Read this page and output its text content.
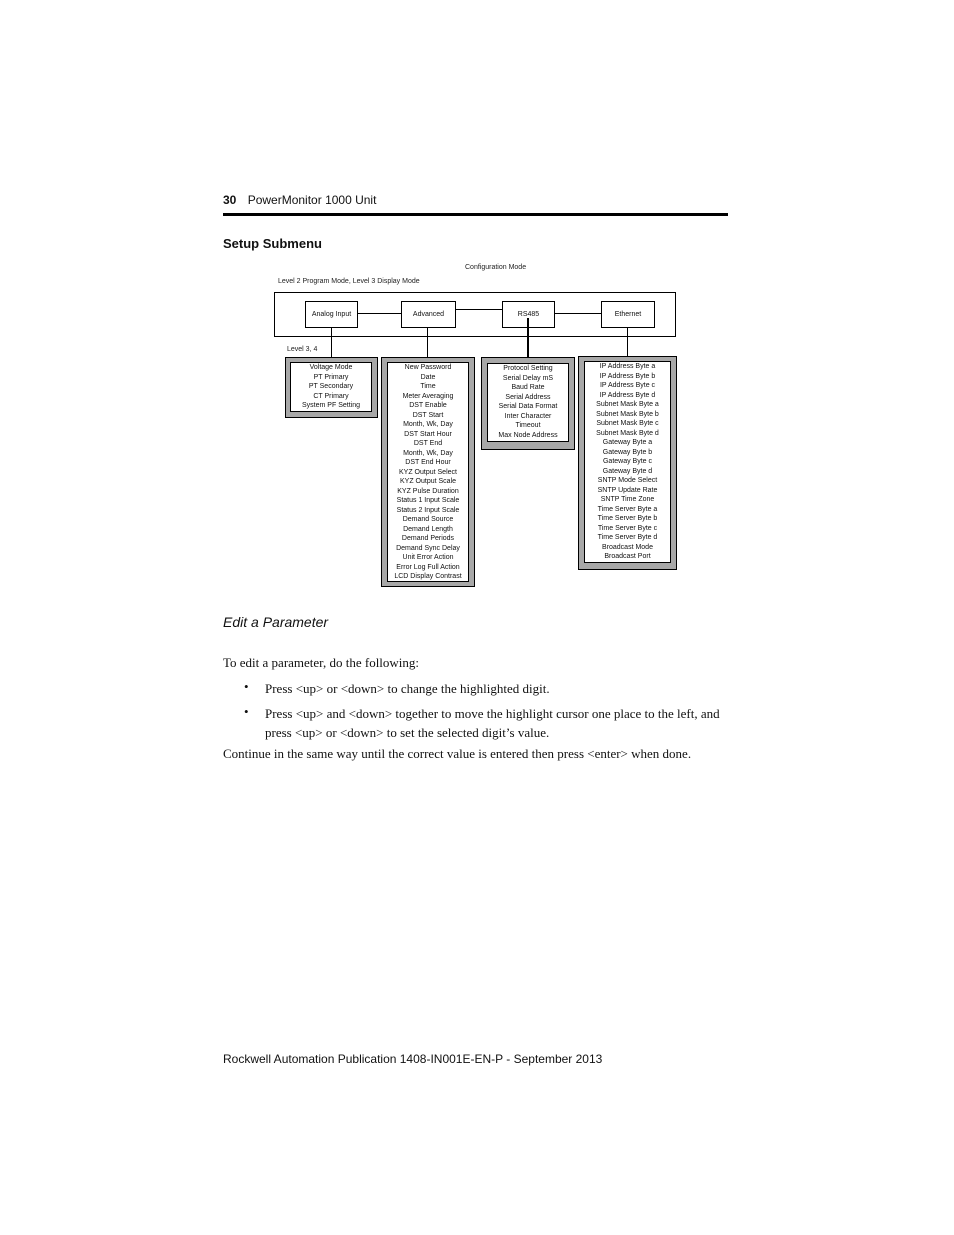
30 PowerMonitor 1000 Unit
Setup Submenu
Configuration Mode
Level 2 Program Mode, Level 3 Display Mode
Analog Input	Advanced	RS485	Ethernet
Level 3, 4
Voltage Mode
PT Primary
PT Secondary
CT Primary
System PF Setting
New Password
Date
Time
Meter Averaging
DST Enable
DST Start
Month, Wk, Day
DST Start Hour
DST End
Month, Wk, Day
DST End Hour
KYZ Output Select
KYZ Output Scale
KYZ Pulse Duration
Status 1 Input Scale
Status 2 Input Scale
Demand Source
Demand Length
Demand Periods
Demand Sync Delay
Unit Error Action
Error Log Full Action
LCD Display Contrast
Protocol Setting
Serial Delay mS
Baud Rate
Serial Address
Serial Data Format
Inter Character
Timeout
Max Node Address
IP Address Byte a
IP Address Byte b
IP Address Byte c
IP Address Byte d
Subnet Mask Byte a
Subnet Mask Byte b
Subnet Mask Byte c
Subnet Mask Byte d
Gateway Byte a
Gateway Byte b
Gateway Byte c
Gateway Byte d
SNTP Mode Select
SNTP Update Rate
SNTP Time Zone
Time Server Byte a
Time Server Byte b
Time Server Byte c
Time Server Byte d
Broadcast Mode
Broadcast Port
Edit a Parameter
To edit a parameter, do the following:
• Press <up> or <down> to change the highlighted digit.
• Press <up> and <down> together to move the highlight cursor one place to the left, and press <up> or <down> to set the selected digit’s value.
Continue in the same way until the correct value is entered then press <enter> when done.
Rockwell Automation Publication 1408-IN001E-EN-P - September 2013
